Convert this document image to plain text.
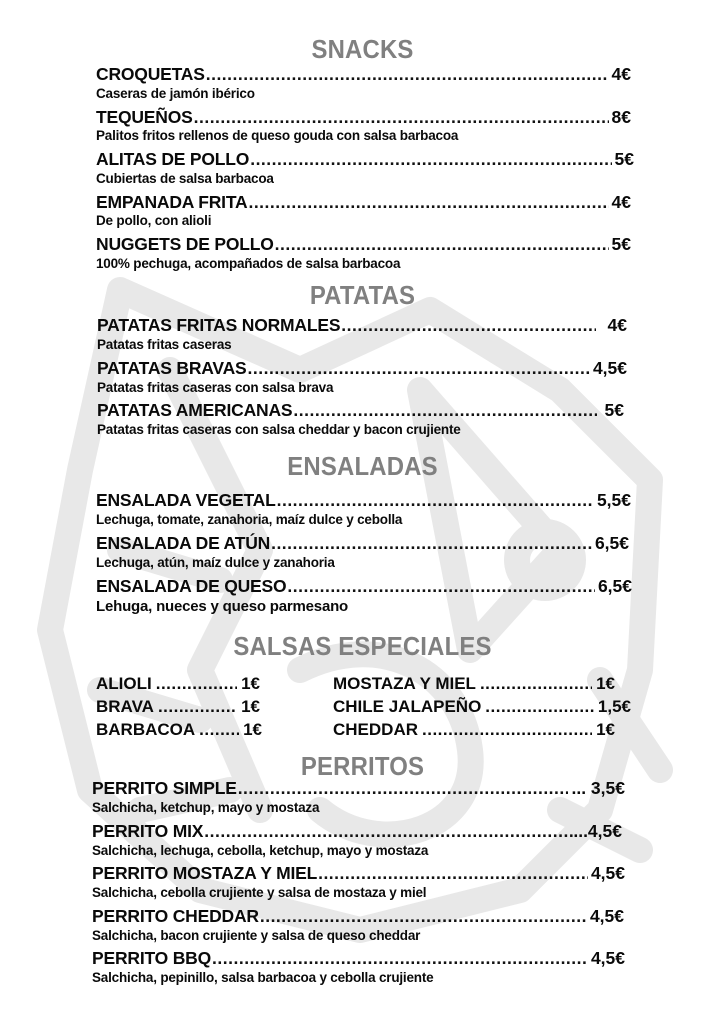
SNACKS
CROQUETAS .....	4€
Caseras de jamón ibérico
TEQUEÑOS .....	8€
Palitos fritos rellenos de queso gouda con salsa barbacoa
ALITAS DE POLLO .....	5€
Cubiertas de salsa barbacoa
EMPANADA FRITA .....	4€
De pollo, con alioli
NUGGETS DE POLLO .....	5€
100% pechuga, acompañados de salsa barbacoa
PATATAS
PATATAS FRITAS NORMALES .....	4€
Patatas fritas caseras
PATATAS BRAVAS .....	4,5€
Patatas fritas caseras con salsa brava
PATATAS AMERICANAS .....	5€
Patatas fritas caseras con salsa cheddar y bacon crujiente
ENSALADAS
ENSALADA VEGETAL .....	5,5€
Lechuga, tomate, zanahoria, maíz dulce y cebolla
ENSALADA DE ATÚN .....	6,5€
Lechuga, atún, maíz dulce y zanahoria
ENSALADA DE QUESO .....	6,5€
Lehuga, nueces y queso parmesano
SALSAS ESPECIALES
ALIOLI .....	1€
BRAVA .....	1€
BARBACOA .....	1€
MOSTAZA Y MIEL .....	1€
CHILE JALAPEÑO .....	1,5€
CHEDDAR .....	1€
PERRITOS
PERRITO SIMPLE .....	... 3,5€
Salchicha, ketchup, mayo y mostaza
PERRITO MIX .....	...4,5€
Salchicha, lechuga, cebolla, ketchup, mayo y mostaza
PERRITO MOSTAZA Y MIEL .....	4,5€
Salchicha, cebolla crujiente y salsa de mostaza y miel
PERRITO CHEDDAR .....	4,5€
Salchicha, bacon crujiente y salsa de queso cheddar
PERRITO BBQ .....	4,5€
Salchicha, pepinillo, salsa barbacoa y cebolla crujiente
